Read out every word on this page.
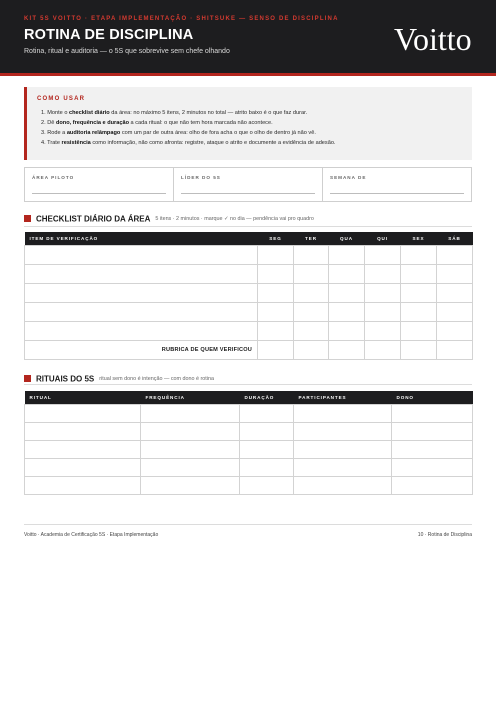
KIT 5S VOITTO · ETAPA IMPLEMENTAÇÃO · SHITSUKE — SENSO DE DISCIPLINA
ROTINA DE DISCIPLINA
Rotina, ritual e auditoria — o 5S que sobrevive sem chefe olhando	Voitto
COMO USAR
1. Monte o checklist diário da área: no máximo 5 itens, 2 minutos no total — atrito baixo é o que faz durar.
2. Dê dono, frequência e duração a cada ritual: o que não tem hora marcada não acontece.
3. Rode a auditoria relâmpago com um par de outra área: olho de fora acha o que o olho de dentro já não vê.
4. Trate resistência como informação, não como afronta: registre, ataque o atrito e documente a evidência de adesão.
ÁREA PILOTO	LÍDER DO 5S	SEMANA DE
CHECKLIST DIÁRIO DA ÁREA 5 itens · 2 minutos · marque ✓ no dia — pendência vai pro quadro
ITEM DE VERIFICAÇÃO	SEG	TER	QUA	QUI	SEX	SÁB

RUBRICA DE QUEM VERIFICOU						
RITUAIS DO 5S ritual sem dono é intenção — com dono é rotina
RITUAL	FREQUÊNCIA	DURAÇÃO	PARTICIPANTES	DONO

Voitto · Academia de Certificação 5S · Etapa Implementação	10 · Rotina de Disciplina
